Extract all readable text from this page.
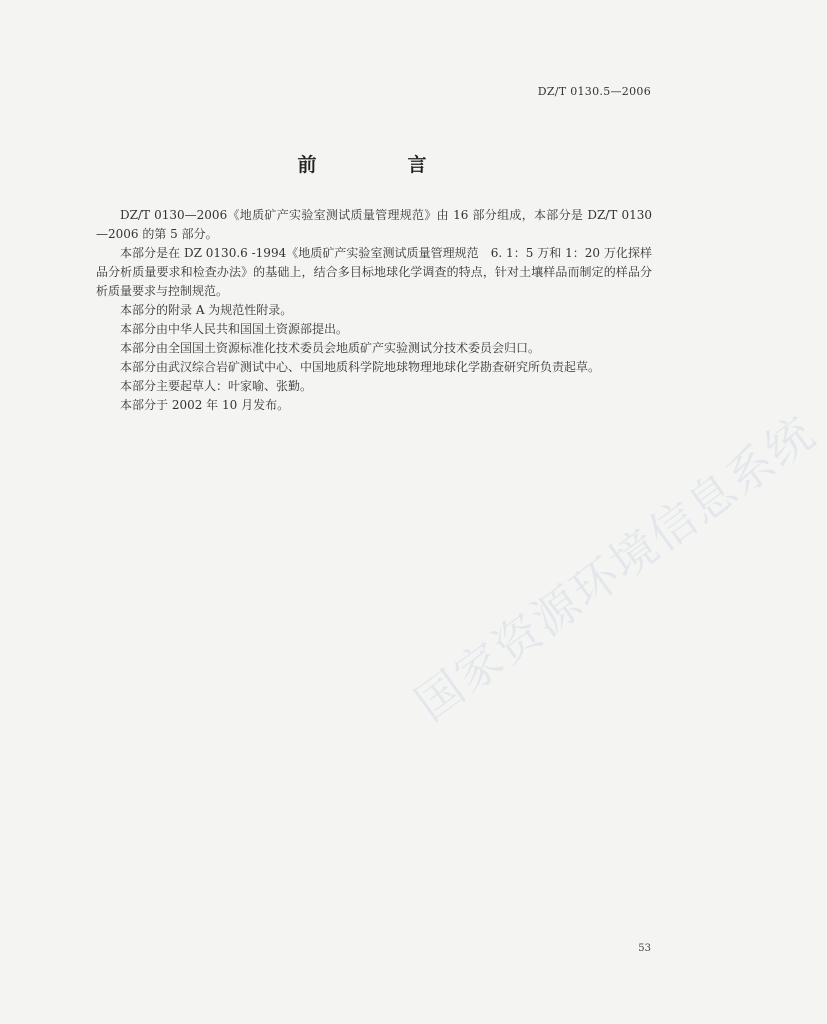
DZ/T 0130.5—2006
前　言

DZ/T 0130—2006《地质矿产实验室测试质量管理规范》由 16 部分组成，本部分是 DZ/T 0130—2006 的第 5 部分。

本部分是在 DZ 0130.6 -1994《地质矿产实验室测试质量管理规范　6. 1：5 万和 1：20 万化探样品分析质量要求和检查办法》的基础上，结合多目标地球化学调查的特点，针对土壤样品而制定的样品分析质量要求与控制规范。

本部分的附录 A 为规范性附录。

本部分由中华人民共和国国土资源部提出。

本部分由全国国土资源标准化技术委员会地质矿产实验测试分技术委员会归口。

本部分由武汉综合岩矿测试中心、中国地质科学院地球物理地球化学勘查研究所负责起草。

本部分主要起草人：叶家喻、张勤。

本部分于 2002 年 10 月发布。

国家资源环境信息系统
53
